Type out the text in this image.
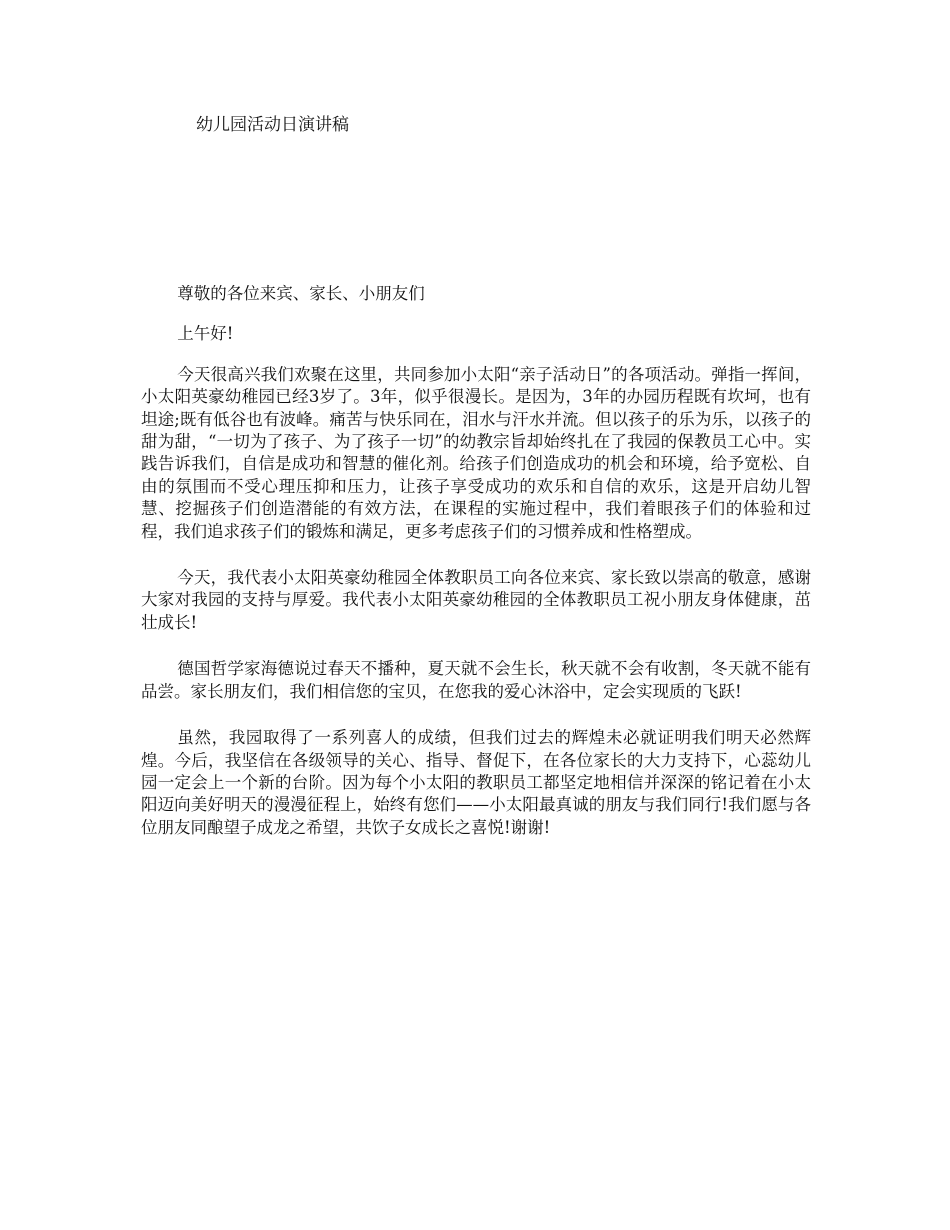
幼儿园活动日演讲稿

尊敬的各位来宾、家长、小朋友们

上午好!

今天很高兴我们欢聚在这里，共同参加小太阳“亲子活动日”的各项活动。弹指一挥间，小太阳英豪幼稚园已经3岁了。3年，似乎很漫长。是因为，3年的办园历程既有坎坷，也有坦途;既有低谷也有波峰。痛苦与快乐同在，泪水与汗水并流。但以孩子的乐为乐，以孩子的甜为甜，“一切为了孩子、为了孩子一切”的幼教宗旨却始终扎在了我园的保教员工心中。实践告诉我们，自信是成功和智慧的催化剂。给孩子们创造成功的机会和环境，给予宽松、自由的氛围而不受心理压抑和压力，让孩子享受成功的欢乐和自信的欢乐，这是开启幼儿智慧、挖掘孩子们创造潜能的有效方法，在课程的实施过程中，我们着眼孩子们的体验和过程，我们追求孩子们的锻炼和满足，更多考虑孩子们的习惯养成和性格塑成。

今天，我代表小太阳英豪幼稚园全体教职员工向各位来宾、家长致以崇高的敬意，感谢大家对我园的支持与厚爱。我代表小太阳英豪幼稚园的全体教职员工祝小朋友身体健康，茁壮成长!

德国哲学家海德说过春天不播种，夏天就不会生长，秋天就不会有收割，冬天就不能有品尝。家长朋友们，我们相信您的宝贝，在您我的爱心沐浴中，定会实现质的飞跃!

虽然，我园取得了一系列喜人的成绩，但我们过去的辉煌未必就证明我们明天必然辉煌。今后，我坚信在各级领导的关心、指导、督促下，在各位家长的大力支持下，心蕊幼儿园一定会上一个新的台阶。因为每个小太阳的教职员工都坚定地相信并深深的铭记着在小太阳迈向美好明天的漫漫征程上，始终有您们——小太阳最真诚的朋友与我们同行!我们愿与各位朋友同酿望子成龙之希望，共饮子女成长之喜悦!谢谢!
